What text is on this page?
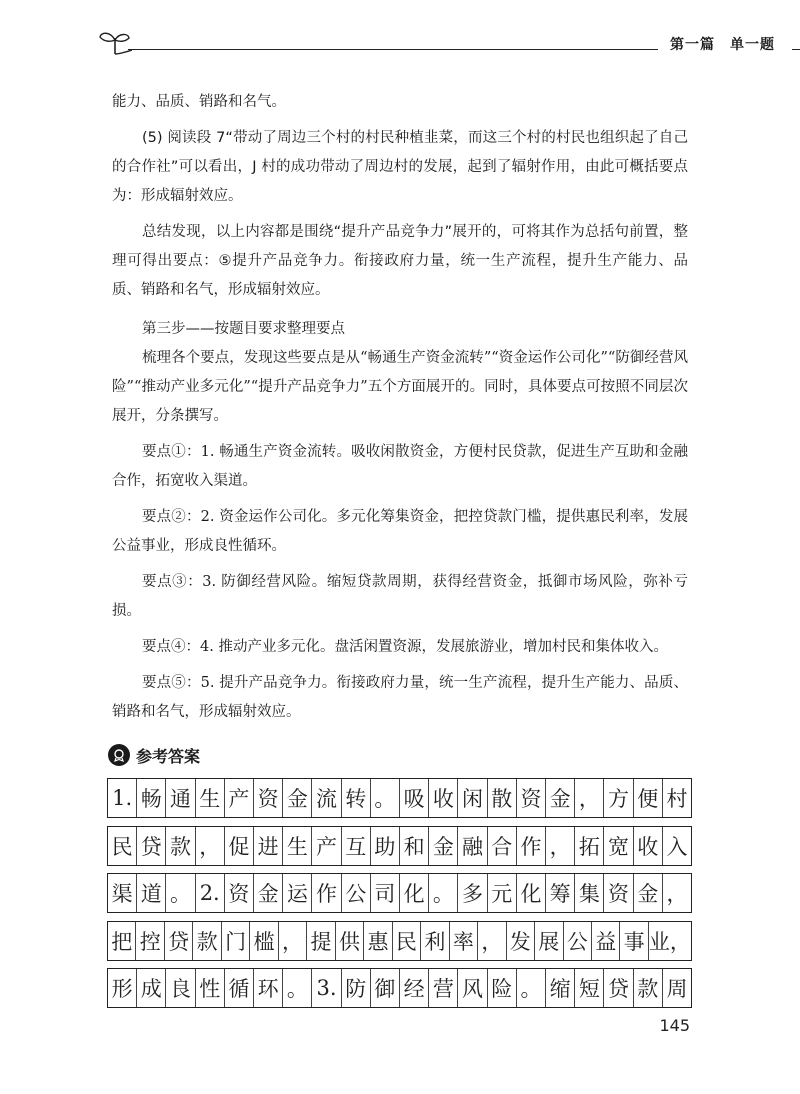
第一篇　单一题

能力、品质、销路和名气。

(5) 阅读段 7“带动了周边三个村的村民种植韭菜，而这三个村的村民也组织起了自己的合作社”可以看出，J 村的成功带动了周边村的发展，起到了辐射作用，由此可概括要点为：形成辐射效应。

总结发现，以上内容都是围绕“提升产品竞争力”展开的，可将其作为总括句前置，整理可得出要点：⑤提升产品竞争力。衔接政府力量，统一生产流程，提升生产能力、品质、销路和名气，形成辐射效应。

第三步——按题目要求整理要点

梳理各个要点，发现这些要点是从“畅通生产资金流转”“资金运作公司化”“防御经营风险”“推动产业多元化”“提升产品竞争力”五个方面展开的。同时，具体要点可按照不同层次展开，分条撰写。

要点①：1. 畅通生产资金流转。吸收闲散资金，方便村民贷款，促进生产互助和金融合作，拓宽收入渠道。

要点②：2. 资金运作公司化。多元化筹集资金，把控贷款门槛，提供惠民利率，发展公益事业，形成良性循环。

要点③：3. 防御经营风险。缩短贷款周期，获得经营资金，抵御市场风险，弥补亏损。

要点④：4. 推动产业多元化。盘活闲置资源，发展旅游业，增加村民和集体收入。

要点⑤：5. 提升产品竞争力。衔接政府力量，统一生产流程，提升生产能力、品质、销路和名气，形成辐射效应。

参考答案
1. 畅 通 生 产 资 金 流 转 。 吸 收 闲 散 资 金 ， 方 便 村
民 贷 款 ， 促 进 生 产 互 助 和 金 融 合 作 ， 拓 宽 收 入
渠 道 。 2. 资 金 运 作 公 司 化 。 多 元 化 筹 集 资 金 ，
把 控 贷 款 门 槛 ， 提 供 惠 民 利 率 ， 发 展 公 益 事 业，
形 成 良 性 循 环 。 3. 防 御 经 营 风 险 。 缩 短 贷 款 周
145
